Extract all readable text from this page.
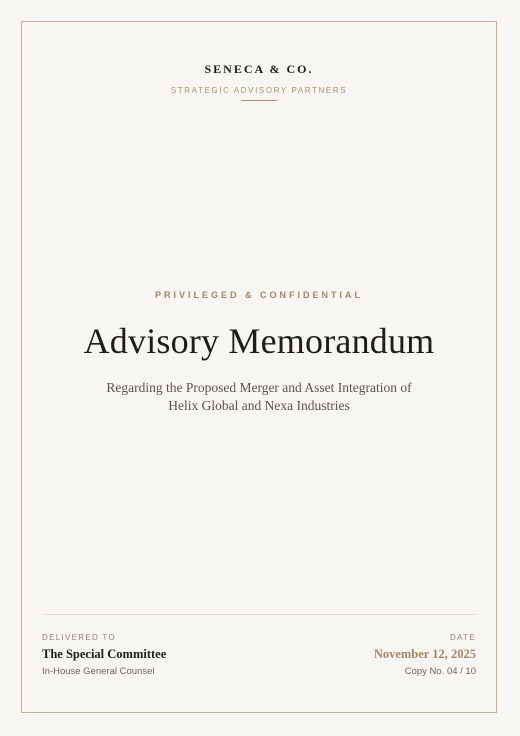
SENECA & CO.
STRATEGIC ADVISORY PARTNERS
PRIVILEGED & CONFIDENTIAL
Advisory Memorandum
Regarding the Proposed Merger and Asset Integration of
Helix Global and Nexa Industries
DELIVERED TO
The Special Committee
In-House General Counsel
DATE
November 12, 2025
Copy No. 04 / 10
